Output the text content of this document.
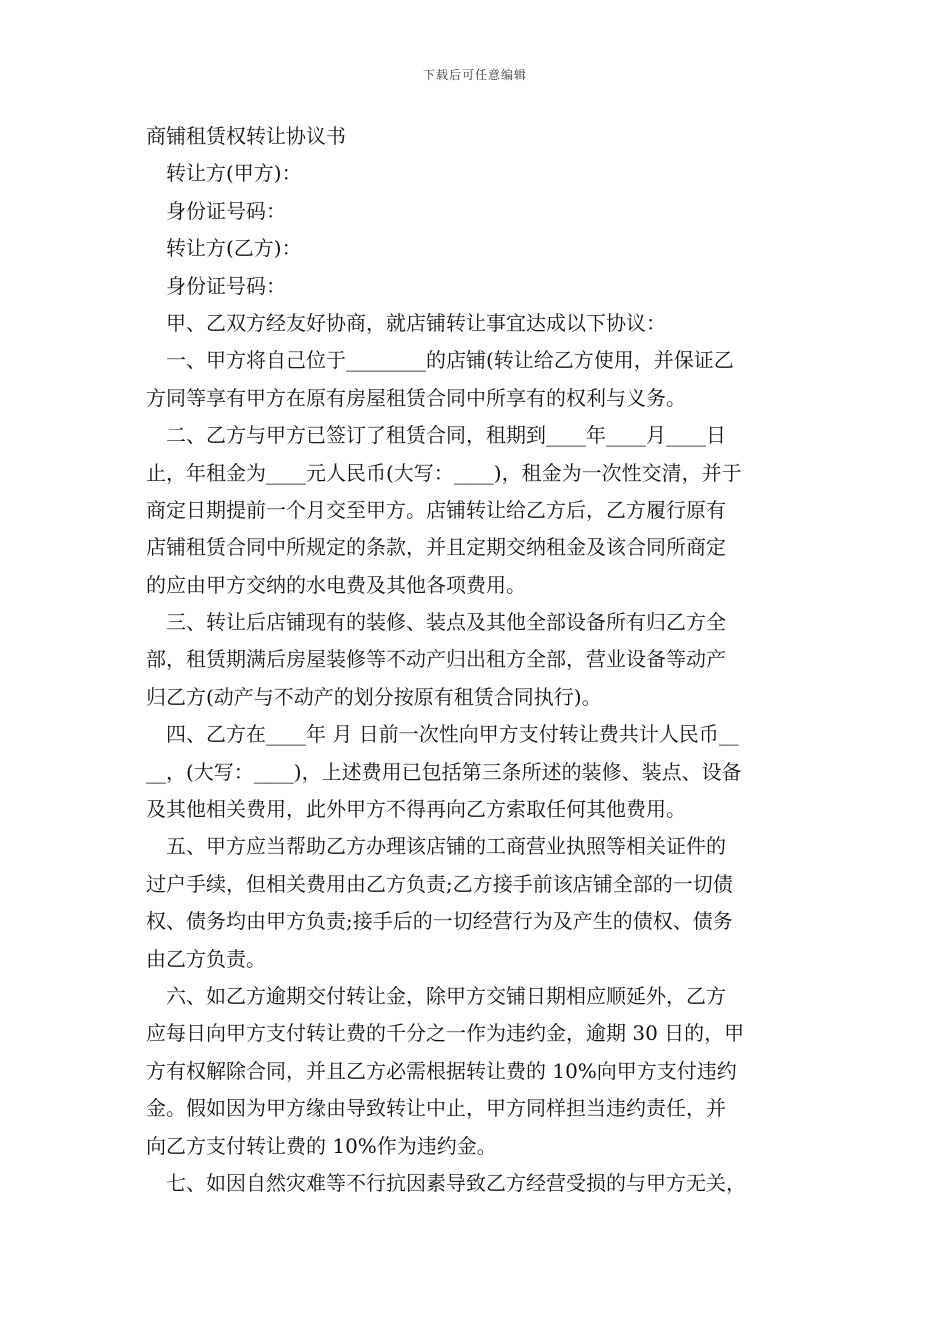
下载后可任意编辑
商铺租赁权转让协议书
转让方(甲方)：
身份证号码：
转让方(乙方)：
身份证号码：
甲、乙双方经友好协商，就店铺转让事宜达成以下协议：
一、甲方将自己位于________的店铺(转让给乙方使用，并保证乙
方同等享有甲方在原有房屋租赁合同中所享有的权利与义务。
二、乙方与甲方已签订了租赁合同，租期到____年____月____日
止，年租金为____元人民币(大写：____)，租金为一次性交清，并于
商定日期提前一个月交至甲方。店铺转让给乙方后，乙方履行原有
店铺租赁合同中所规定的条款，并且定期交纳租金及该合同所商定
的应由甲方交纳的水电费及其他各项费用。
三、转让后店铺现有的装修、装点及其他全部设备所有归乙方全
部，租赁期满后房屋装修等不动产归出租方全部，营业设备等动产
归乙方(动产与不动产的划分按原有租赁合同执行)。
四、乙方在____年 月 日前一次性向甲方支付转让费共计人民币__
__，(大写：____)，上述费用已包括第三条所述的装修、装点、设备
及其他相关费用，此外甲方不得再向乙方索取任何其他费用。
五、甲方应当帮助乙方办理该店铺的工商营业执照等相关证件的
过户手续，但相关费用由乙方负责;乙方接手前该店铺全部的一切债
权、债务均由甲方负责;接手后的一切经营行为及产生的债权、债务
由乙方负责。
六、如乙方逾期交付转让金，除甲方交铺日期相应顺延外，乙方
应每日向甲方支付转让费的千分之一作为违约金，逾期 30 日的，甲
方有权解除合同，并且乙方必需根据转让费的 10%向甲方支付违约
金。假如因为甲方缘由导致转让中止，甲方同样担当违约责任，并
向乙方支付转让费的 10%作为违约金。
七、如因自然灾难等不行抗因素导致乙方经营受损的与甲方无关，
